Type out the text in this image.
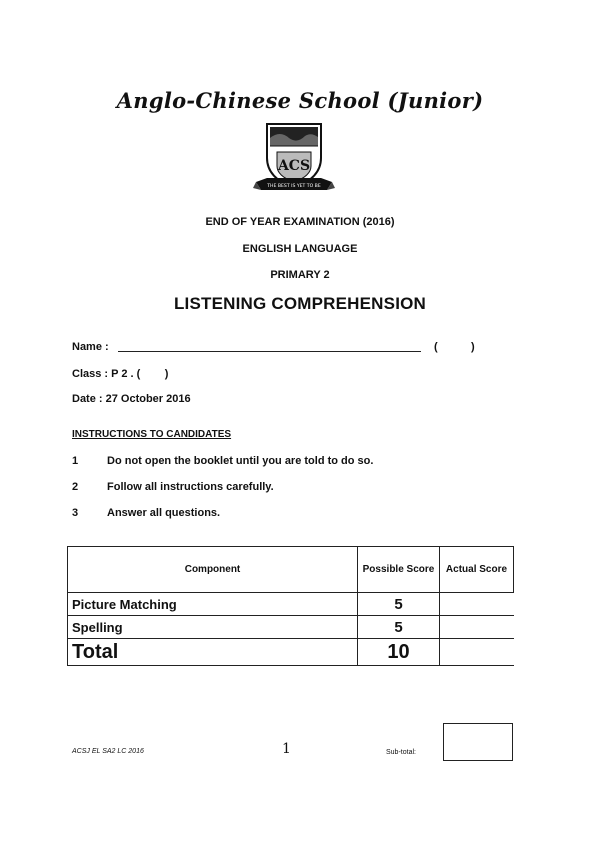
Anglo-Chinese School (Junior)
ACS
THE BEST IS YET TO BE
END OF YEAR EXAMINATION (2016)
ENGLISH LANGUAGE
PRIMARY 2
LISTENING COMPREHENSION
Name :	(	)
Class : P 2 . (        )
Date : 27 October 2016
INSTRUCTIONS TO CANDIDATES
1	Do not open the booklet until you are told to do so.
2	Follow all instructions carefully.
3	Answer all questions.
Component	Possible Score	Actual Score
Picture Matching	5	
Spelling	5	
Total	10	
ACSJ EL SA2 LC 2016	1	Sub-total:
